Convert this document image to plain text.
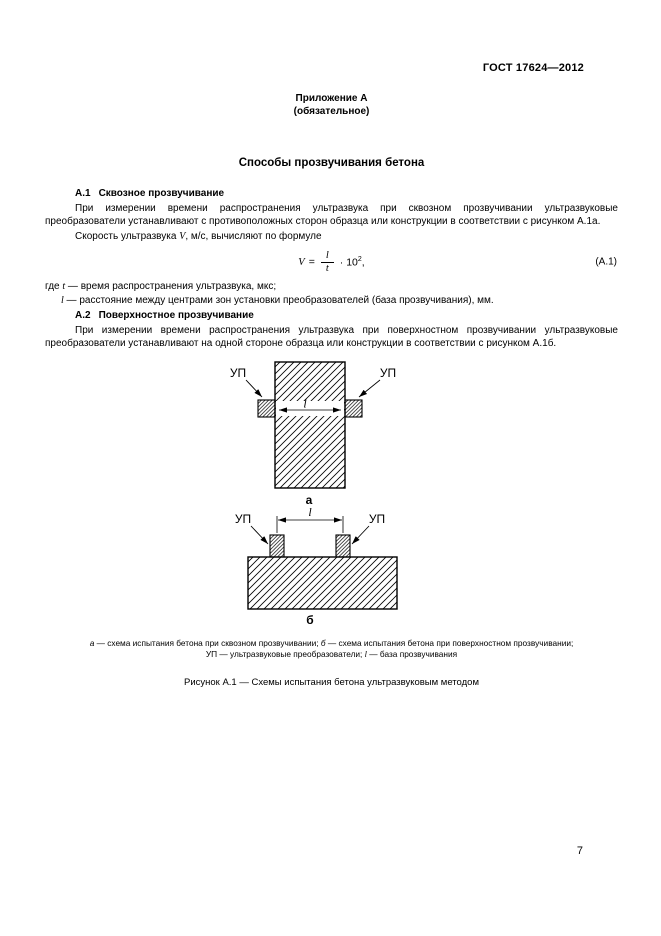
ГОСТ 17624—2012
Приложение А
(обязательное)
Способы прозвучивания бетона
А.1 Сквозное прозвучивание
При измерении времени распространения ультразвука при сквозном прозвучивании ультразвуковые преобразователи устанавливают с противоположных сторон образца или конструкции в соответствии с рисунком А.1а.
Скорость ультразвука V, м/с, вычисляют по формуле
$V = \frac{l}{t} \cdot 10^2$,	(А.1)
где t — время распространения ультразвука, мкс;
l — расстояние между центрами зон установки преобразователей (база прозвучивания), мм.
А.2 Поверхностное прозвучивание
При измерении времени распространения ультразвука при поверхностном прозвучивании ультразвуковые преобразователи устанавливают на одной стороне образца или конструкции в соответствии с рисунком А.1б.
l
УП	УП
а
l
УП	УП
б
а — схема испытания бетона при сквозном прозвучивании; б — схема испытания бетона при поверхностном прозвучивании;
УП — ультразвуковые преобразователи; l — база прозвучивания
Рисунок А.1 — Схемы испытания бетона ультразвуковым методом
7
